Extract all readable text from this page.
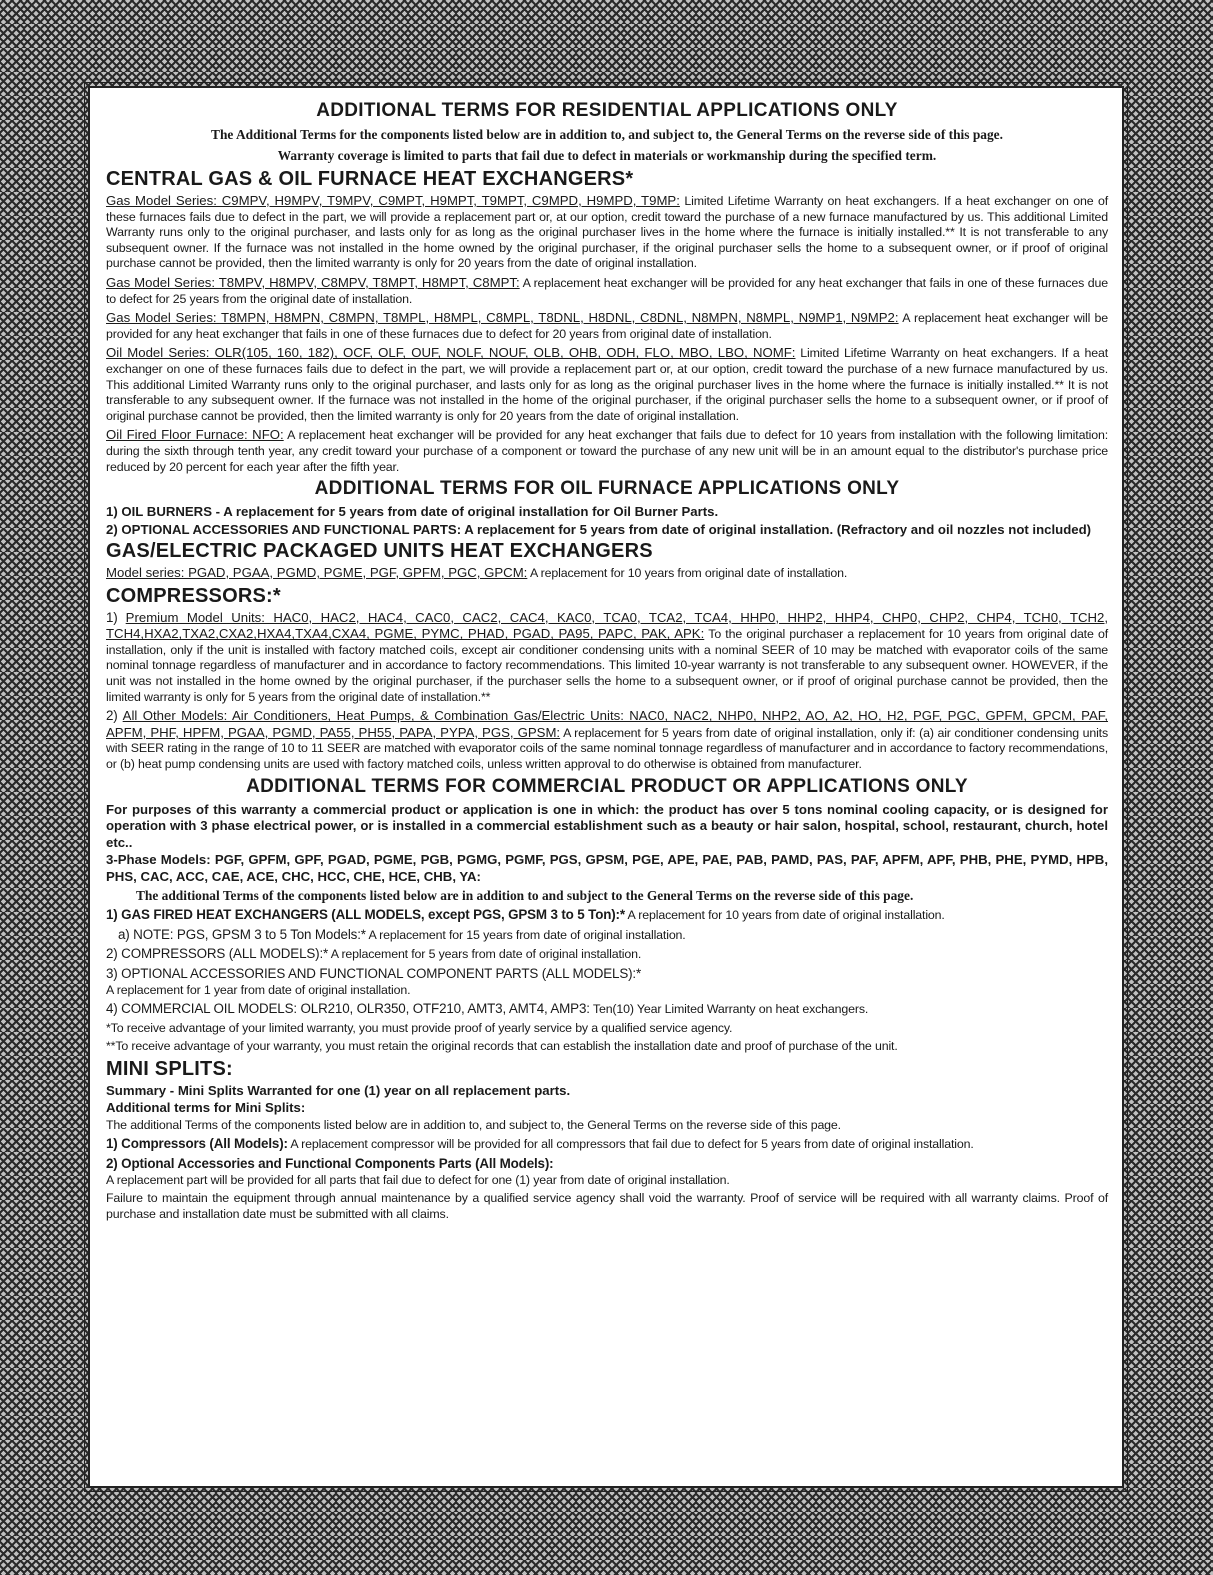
ADDITIONAL TERMS FOR RESIDENTIAL APPLICATIONS ONLY
The Additional Terms for the components listed below are in addition to, and subject to, the General Terms on the reverse side of this page.
Warranty coverage is limited to parts that fail due to defect in materials or workmanship during the specified term.
CENTRAL GAS & OIL FURNACE HEAT EXCHANGERS*

Gas Model Series: C9MPV, H9MPV, T9MPV, C9MPT, H9MPT, T9MPT, C9MPD, H9MPD, T9MP: Limited Lifetime Warranty on heat exchangers. If a heat exchanger on one of these furnaces fails due to defect in the part, we will provide a replacement part or, at our option, credit toward the purchase of a new furnace manufactured by us. This additional Limited Warranty runs only to the original purchaser, and lasts only for as long as the original purchaser lives in the home where the furnace is initially installed.** It is not transferable to any subsequent owner. If the furnace was not installed in the home owned by the original purchaser, if the original purchaser sells the home to a subsequent owner, or if proof of original purchase cannot be provided, then the limited warranty is only for 20 years from the date of original installation.

Gas Model Series: T8MPV, H8MPV, C8MPV, T8MPT, H8MPT, C8MPT: A replacement heat exchanger will be provided for any heat exchanger that fails in one of these furnaces due to defect for 25 years from the original date of installation.

Gas Model Series: T8MPN, H8MPN, C8MPN, T8MPL, H8MPL, C8MPL, T8DNL, H8DNL, C8DNL, N8MPN, N8MPL, N9MP1, N9MP2: A replacement heat exchanger will be provided for any heat exchanger that fails in one of these furnaces due to defect for 20 years from original date of installation.

Oil Model Series: OLR(105, 160, 182), OCF, OLF, OUF, NOLF, NOUF, OLB, OHB, ODH, FLO, MBO, LBO, NOMF: Limited Lifetime Warranty on heat exchangers. If a heat exchanger on one of these furnaces fails due to defect in the part, we will provide a replacement part or, at our option, credit toward the purchase of a new furnace manufactured by us. This additional Limited Warranty runs only to the original purchaser, and lasts only for as long as the original purchaser lives in the home where the furnace is initially installed.** It is not transferable to any subsequent owner. If the furnace was not installed in the home of the original purchaser, if the original purchaser sells the home to a subsequent owner, or if proof of original purchase cannot be provided, then the limited warranty is only for 20 years from the date of original installation.

Oil Fired Floor Furnace: NFO: A replacement heat exchanger will be provided for any heat exchanger that fails due to defect for 10 years from installation with the following limitation: during the sixth through tenth year, any credit toward your purchase of a component or toward the purchase of any new unit will be in an amount equal to the distributor's purchase price reduced by 20 percent for each year after the fifth year.

ADDITIONAL TERMS FOR OIL FURNACE APPLICATIONS ONLY
1) OIL BURNERS - A replacement for 5 years from date of original installation for Oil Burner Parts.
2) OPTIONAL ACCESSORIES AND FUNCTIONAL PARTS: A replacement for 5 years from date of original installation. (Refractory and oil nozzles not included)
GAS/ELECTRIC PACKAGED UNITS HEAT EXCHANGERS

Model series: PGAD, PGAA, PGMD, PGME, PGF, GPFM, PGC, GPCM: A replacement for 10 years from original date of installation.

COMPRESSORS:*

1) Premium Model Units: HAC0, HAC2, HAC4, CAC0, CAC2, CAC4, KAC0, TCA0, TCA2, TCA4, HHP0, HHP2, HHP4, CHP0, CHP2, CHP4, TCH0, TCH2, TCH4,HXA2,TXA2,CXA2,HXA4,TXA4,CXA4, PGME, PYMC, PHAD, PGAD, PA95, PAPC, PAK, APK: To the original purchaser a replacement for 10 years from original date of installation, only if the unit is installed with factory matched coils, except air conditioner condensing units with a nominal SEER of 10 may be matched with evaporator coils of the same nominal tonnage regardless of manufacturer and in accordance to factory recommendations. This limited 10-year warranty is not transferable to any subsequent owner. HOWEVER, if the unit was not installed in the home owned by the original purchaser, if the purchaser sells the home to a subsequent owner, or if proof of original purchase cannot be provided, then the limited warranty is only for 5 years from the original date of installation.**

2) All Other Models: Air Conditioners, Heat Pumps, & Combination Gas/Electric Units: NAC0, NAC2, NHP0, NHP2, AO, A2, HO, H2, PGF, PGC, GPFM, GPCM, PAF, APFM, PHF, HPFM, PGAA, PGMD, PA55, PH55, PAPA, PYPA, PGS, GPSM: A replacement for 5 years from date of original installation, only if: (a) air conditioner condensing units with SEER rating in the range of 10 to 11 SEER are matched with evaporator coils of the same nominal tonnage regardless of manufacturer and in accordance to factory recommendations, or (b) heat pump condensing units are used with factory matched coils, unless written approval to do otherwise is obtained from manufacturer.

ADDITIONAL TERMS FOR COMMERCIAL PRODUCT OR APPLICATIONS ONLY
For purposes of this warranty a commercial product or application is one in which: the product has over 5 tons nominal cooling capacity, or is designed for operation with 3 phase electrical power, or is installed in a commercial establishment such as a beauty or hair salon, hospital, school, restaurant, church, hotel etc..
3-Phase Models: PGF, GPFM, GPF, PGAD, PGME, PGB, PGMG, PGMF, PGS, GPSM, PGE, APE, PAE, PAB, PAMD, PAS, PAF, APFM, APF, PHB, PHE, PYMD, HPB, PHS, CAC, ACC, CAE, ACE, CHC, HCC, CHE, HCE, CHB, YA:
The additional Terms of the components listed below are in addition to and subject to the General Terms on the reverse side of this page.

1) GAS FIRED HEAT EXCHANGERS (ALL MODELS, except PGS, GPSM 3 to 5 Ton):* A replacement for 10 years from date of original installation.

a) NOTE: PGS, GPSM 3 to 5 Ton Models:* A replacement for 15 years from date of original installation.

2) COMPRESSORS (ALL MODELS):* A replacement for 5 years from date of original installation.

3) OPTIONAL ACCESSORIES AND FUNCTIONAL COMPONENT PARTS (ALL MODELS):*
A replacement for 1 year from date of original installation.

4) COMMERCIAL OIL MODELS: OLR210, OLR350, OTF210, AMT3, AMT4, AMP3: Ten(10) Year Limited Warranty on heat exchangers.

*To receive advantage of your limited warranty, you must provide proof of yearly service by a qualified service agency.

**To receive advantage of your warranty, you must retain the original records that can establish the installation date and proof of purchase of the unit.

MINI SPLITS:
Summary - Mini Splits Warranted for one (1) year on all replacement parts.
Additional terms for Mini Splits:

The additional Terms of the components listed below are in addition to, and subject to, the General Terms on the reverse side of this page.

1) Compressors (All Models): A replacement compressor will be provided for all compressors that fail due to defect for 5 years from date of original installation.

2) Optional Accessories and Functional Components Parts (All Models):
A replacement part will be provided for all parts that fail due to defect for one (1) year from date of original installation.

Failure to maintain the equipment through annual maintenance by a qualified service agency shall void the warranty. Proof of service will be required with all warranty claims. Proof of purchase and installation date must be submitted with all claims.
